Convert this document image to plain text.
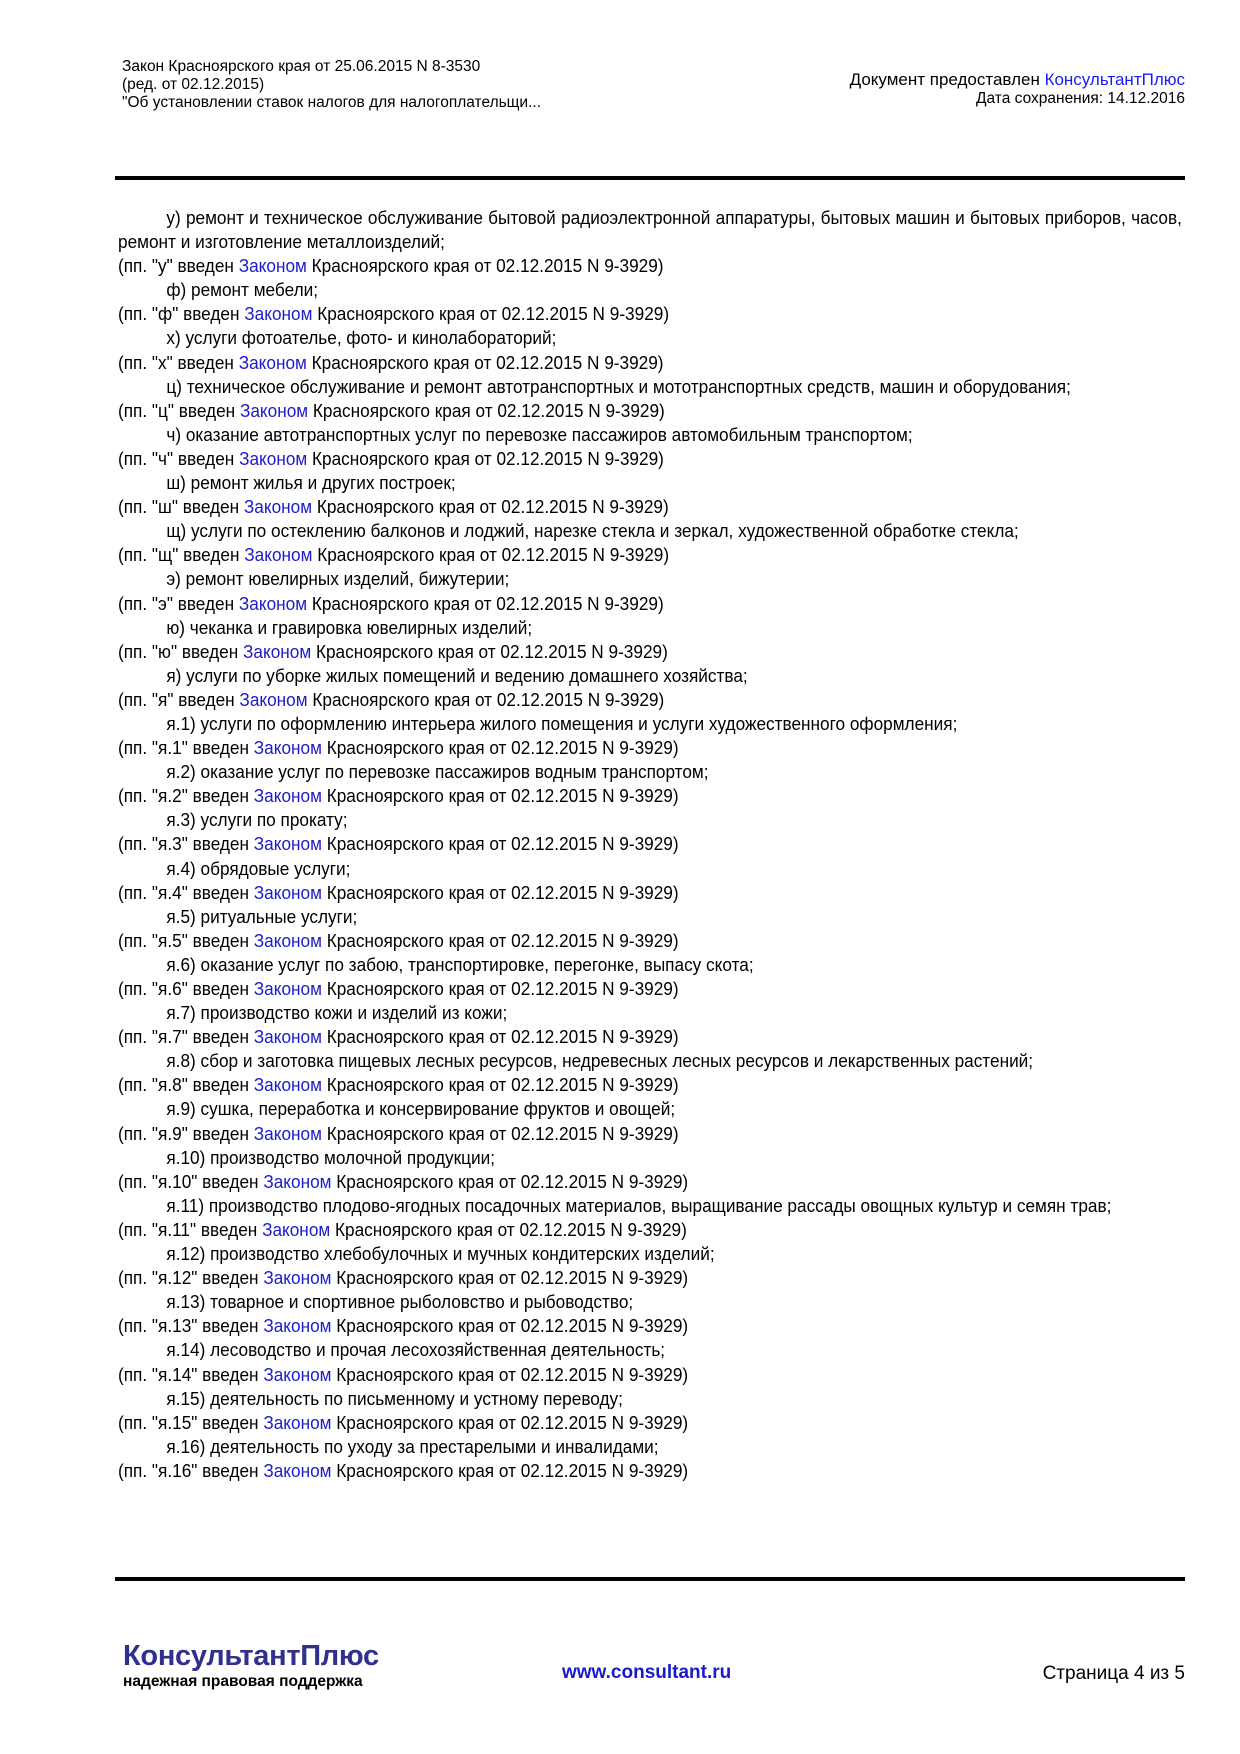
Закон Красноярского края от 25.06.2015 N 8-3530
(ред. от 02.12.2015)
"Об установлении ставок налогов для налогоплательщи...
Документ предоставлен КонсультантПлюс
Дата сохранения: 14.12.2016

у) ремонт и техническое обслуживание бытовой радиоэлектронной аппаратуры, бытовых машин и бытовых приборов, часов, ремонт и изготовление металлоизделий;

(пп. "у" введен Законом Красноярского края от 02.12.2015 N 9-3929)

ф) ремонт мебели;

(пп. "ф" введен Законом Красноярского края от 02.12.2015 N 9-3929)

х) услуги фотоателье, фото- и кинолабораторий;

(пп. "х" введен Законом Красноярского края от 02.12.2015 N 9-3929)

ц) техническое обслуживание и ремонт автотранспортных и мототранспортных средств, машин и оборудования;

(пп. "ц" введен Законом Красноярского края от 02.12.2015 N 9-3929)

ч) оказание автотранспортных услуг по перевозке пассажиров автомобильным транспортом;

(пп. "ч" введен Законом Красноярского края от 02.12.2015 N 9-3929)

ш) ремонт жилья и других построек;

(пп. "ш" введен Законом Красноярского края от 02.12.2015 N 9-3929)

щ) услуги по остеклению балконов и лоджий, нарезке стекла и зеркал, художественной обработке стекла;

(пп. "щ" введен Законом Красноярского края от 02.12.2015 N 9-3929)

э) ремонт ювелирных изделий, бижутерии;

(пп. "э" введен Законом Красноярского края от 02.12.2015 N 9-3929)

ю) чеканка и гравировка ювелирных изделий;

(пп. "ю" введен Законом Красноярского края от 02.12.2015 N 9-3929)

я) услуги по уборке жилых помещений и ведению домашнего хозяйства;

(пп. "я" введен Законом Красноярского края от 02.12.2015 N 9-3929)

я.1) услуги по оформлению интерьера жилого помещения и услуги художественного оформления;

(пп. "я.1" введен Законом Красноярского края от 02.12.2015 N 9-3929)

я.2) оказание услуг по перевозке пассажиров водным транспортом;

(пп. "я.2" введен Законом Красноярского края от 02.12.2015 N 9-3929)

я.3) услуги по прокату;

(пп. "я.3" введен Законом Красноярского края от 02.12.2015 N 9-3929)

я.4) обрядовые услуги;

(пп. "я.4" введен Законом Красноярского края от 02.12.2015 N 9-3929)

я.5) ритуальные услуги;

(пп. "я.5" введен Законом Красноярского края от 02.12.2015 N 9-3929)

я.6) оказание услуг по забою, транспортировке, перегонке, выпасу скота;

(пп. "я.6" введен Законом Красноярского края от 02.12.2015 N 9-3929)

я.7) производство кожи и изделий из кожи;

(пп. "я.7" введен Законом Красноярского края от 02.12.2015 N 9-3929)

я.8) сбор и заготовка пищевых лесных ресурсов, недревесных лесных ресурсов и лекарственных растений;

(пп. "я.8" введен Законом Красноярского края от 02.12.2015 N 9-3929)

я.9) сушка, переработка и консервирование фруктов и овощей;

(пп. "я.9" введен Законом Красноярского края от 02.12.2015 N 9-3929)

я.10) производство молочной продукции;

(пп. "я.10" введен Законом Красноярского края от 02.12.2015 N 9-3929)

я.11) производство плодово-ягодных посадочных материалов, выращивание рассады овощных культур и семян трав;

(пп. "я.11" введен Законом Красноярского края от 02.12.2015 N 9-3929)

я.12) производство хлебобулочных и мучных кондитерских изделий;

(пп. "я.12" введен Законом Красноярского края от 02.12.2015 N 9-3929)

я.13) товарное и спортивное рыболовство и рыбоводство;

(пп. "я.13" введен Законом Красноярского края от 02.12.2015 N 9-3929)

я.14) лесоводство и прочая лесохозяйственная деятельность;

(пп. "я.14" введен Законом Красноярского края от 02.12.2015 N 9-3929)

я.15) деятельность по письменному и устному переводу;

(пп. "я.15" введен Законом Красноярского края от 02.12.2015 N 9-3929)

я.16) деятельность по уходу за престарелыми и инвалидами;

(пп. "я.16" введен Законом Красноярского края от 02.12.2015 N 9-3929)

КонсультантПлюс
надежная правовая поддержка	www.consultant.ru	Страница 4 из 5
